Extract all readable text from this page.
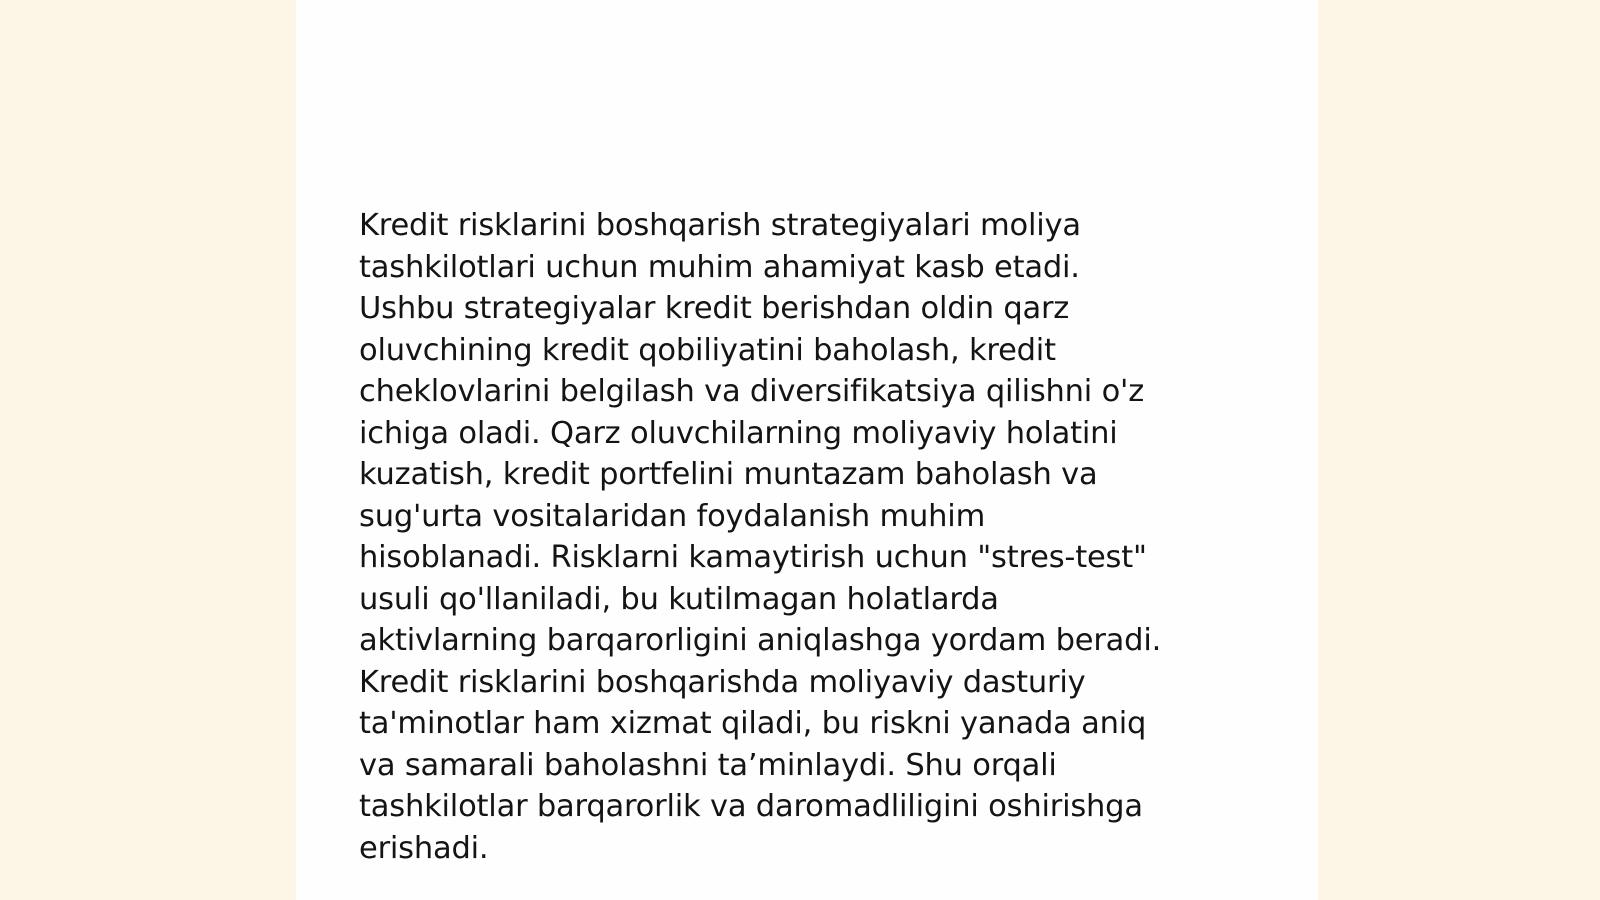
Kredit risklarini boshqarish strategiyalari moliya
tashkilotlari uchun muhim ahamiyat kasb etadi.
Ushbu strategiyalar kredit berishdan oldin qarz
oluvchining kredit qobiliyatini baholash, kredit
cheklovlarini belgilash va diversifikatsiya qilishni o'z
ichiga oladi. Qarz oluvchilarning moliyaviy holatini
kuzatish, kredit portfelini muntazam baholash va
sug'urta vositalaridan foydalanish muhim
hisoblanadi. Risklarni kamaytirish uchun "stres-test"
usuli qo'llaniladi, bu kutilmagan holatlarda
aktivlarning barqarorligini aniqlashga yordam beradi.
Kredit risklarini boshqarishda moliyaviy dasturiy
ta'minotlar ham xizmat qiladi, bu riskni yanada aniq
va samarali baholashni ta’minlaydi. Shu orqali
tashkilotlar barqarorlik va daromadliligini oshirishga
erishadi.
